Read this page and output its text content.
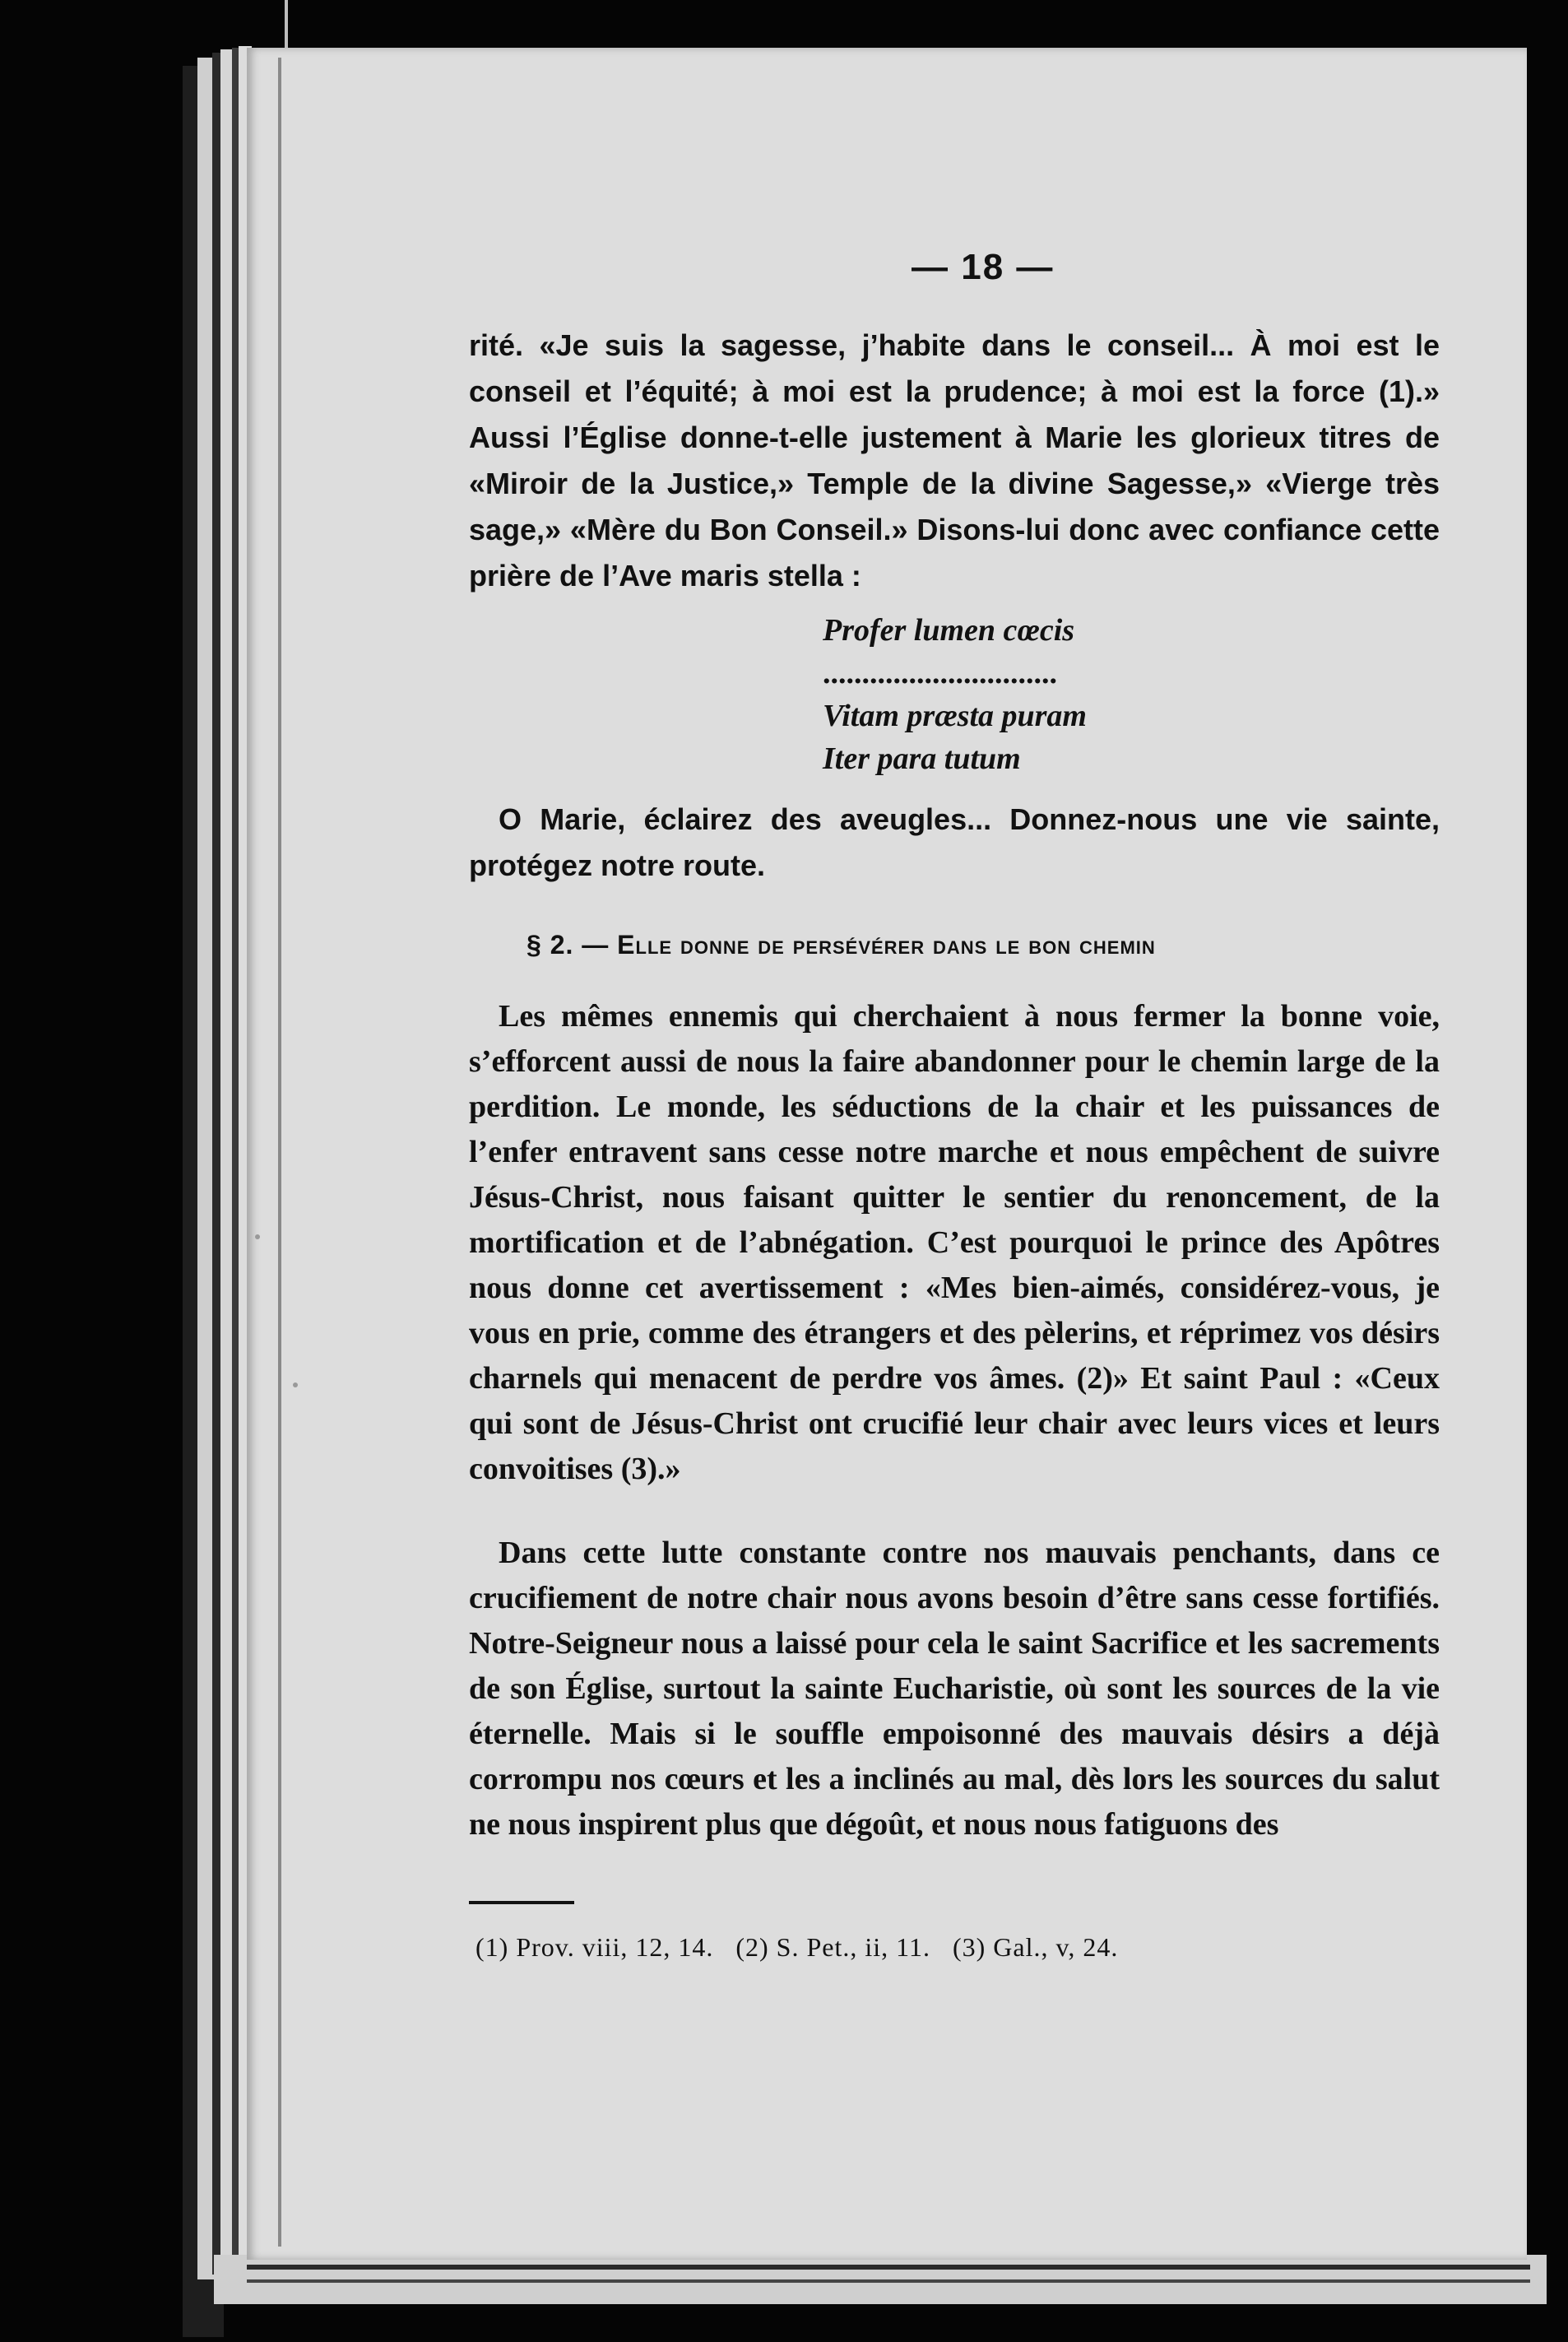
— 18 —

rité. «Je suis la sagesse, j’habite dans le conseil... À moi est le conseil et l’équité; à moi est la prudence; à moi est la force (1).» Aussi l’Église donne-t-elle justement à Marie les glorieux titres de «Miroir de la Justice,» Temple de la divine Sagesse,» «Vierge très sage,» «Mère du Bon Conseil.» Disons-lui donc avec confiance cette prière de l’Ave maris stella :

Profer lumen cœcis
..............................
Vitam præsta puram
Iter para tutum

O Marie, éclairez des aveugles... Donnez-nous une vie sainte, protégez notre route.

§ 2. — Elle donne de persévérer dans le bon chemin

Les mêmes ennemis qui cherchaient à nous fermer la bonne voie, s’efforcent aussi de nous la faire abandonner pour le chemin large de la perdition. Le monde, les séductions de la chair et les puissances de l’enfer entravent sans cesse notre marche et nous empêchent de suivre Jésus-Christ, nous faisant quitter le sentier du renoncement, de la mortification et de l’abnégation. C’est pourquoi le prince des Apôtres nous donne cet avertissement : «Mes bien-aimés, considérez-vous, je vous en prie, comme des étrangers et des pèlerins, et réprimez vos désirs charnels qui menacent de perdre vos âmes. (2)» Et saint Paul : «Ceux qui sont de Jésus-Christ ont crucifié leur chair avec leurs vices et leurs convoitises (3).»

Dans cette lutte constante contre nos mauvais penchants, dans ce crucifiement de notre chair nous avons besoin d’être sans cesse fortifiés. Notre-Seigneur nous a laissé pour cela le saint Sacrifice et les sacrements de son Église, surtout la sainte Eucharistie, où sont les sources de la vie éternelle. Mais si le souffle empoisonné des mauvais désirs a déjà corrompu nos cœurs et les a inclinés au mal, dès lors les sources du salut ne nous inspirent plus que dégoût, et nous nous fatiguons des

(1) Prov. viii, 12, 14.   (2) S. Pet., ii, 11.   (3) Gal., v, 24.
